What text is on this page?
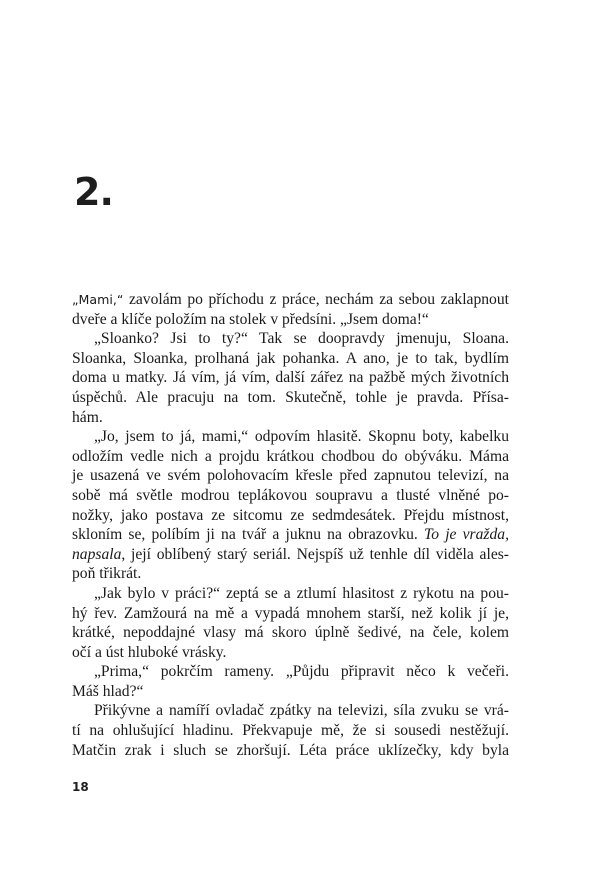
2.
„Mami,“ zavolám po příchodu z práce, nechám za sebou zaklapnout
dveře a klíče položím na stolek v předsíni. „Jsem doma!“
„Sloanko? Jsi to ty?“ Tak se doopravdy jmenuju, Sloana.
Sloanka, Sloanka, prolhaná jak pohanka. A ano, je to tak, bydlím
doma u matky. Já vím, já vím, další zářez na pažbě mých životních
úspěchů. Ale pracuju na tom. Skutečně, tohle je pravda. Přísa-
hám.
„Jo, jsem to já, mami,“ odpovím hlasitě. Skopnu boty, kabelku
odložím vedle nich a projdu krátkou chodbou do obýváku. Máma
je usazená ve svém polohovacím křesle před zapnutou televizí, na
sobě má světle modrou teplákovou soupravu a tlusté vlněné po-
nožky, jako postava ze sitcomu ze sedmdesátek. Přejdu místnost,
skloním se, políbím ji na tvář a juknu na obrazovku. To je vražda,
napsala, její oblíbený starý seriál. Nejspíš už tenhle díl viděla ales-
poň třikrát.
„Jak bylo v práci?“ zeptá se a ztlumí hlasitost z rykotu na pou-
hý řev. Zamžourá na mě a vypadá mnohem starší, než kolik jí je,
krátké, nepoddajné vlasy má skoro úplně šedivé, na čele, kolem
očí a úst hluboké vrásky.
„Prima,“ pokrčím rameny. „Půjdu připravit něco k večeři.
Máš hlad?“
Přikývne a namíří ovladač zpátky na televizi, síla zvuku se vrá-
tí na ohlušující hladinu. Překvapuje mě, že si sousedi nestěžují.
Matčin zrak i sluch se zhoršují. Léta práce uklízečky, kdy byla
18
